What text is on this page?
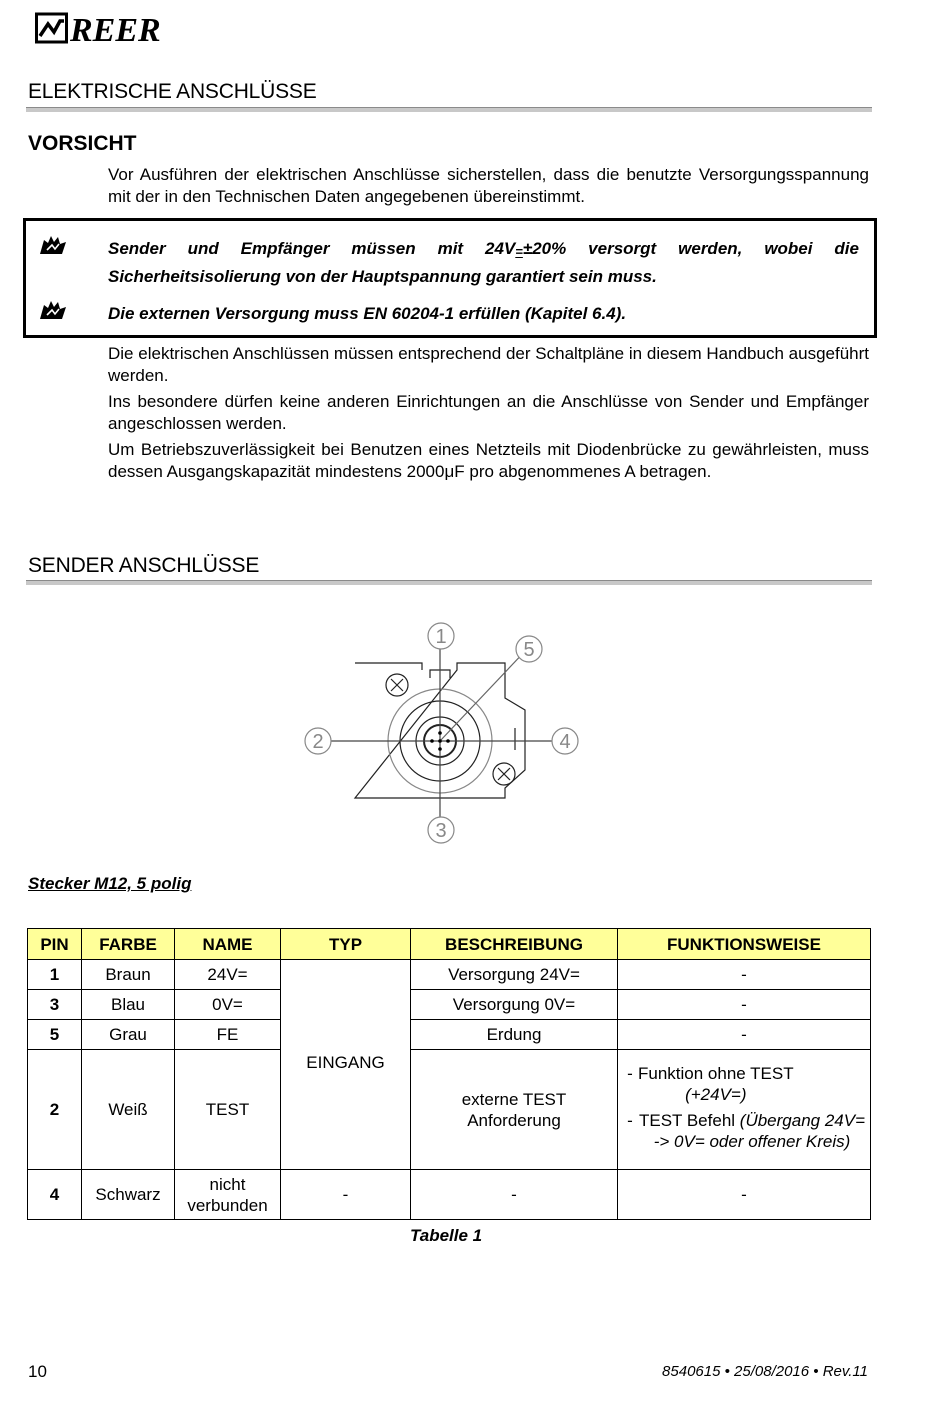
REER
ELEKTRISCHE ANSCHLÜSSE
VORSICHT
Vor Ausführen der elektrischen Anschlüsse sicherstellen, dass die benutzte Versorgungsspannung mit der in den Technischen Daten angegebenen übereinstimmt.
Sender und Empfänger müssen mit 24V=±20% versorgt werden, wobei die Sicherheitsisolierung von der Hauptspannung garantiert sein muss.
Die externen Versorgung muss EN 60204-1 erfüllen (Kapitel 6.4).
Die elektrischen Anschlüssen müssen entsprechend der Schaltpläne in diesem Handbuch ausgeführt werden.
Ins besondere dürfen keine anderen Einrichtungen an die Anschlüsse von Sender und Empfänger angeschlossen werden.
Um Betriebszuverlässigkeit bei Benutzen eines Netzteils mit Diodenbrücke zu gewährleisten, muss dessen Ausgangskapazität mindestens 2000μF pro abgenommenes A betragen.
SENDER ANSCHLÜSSE
1
2
3
4
5
Stecker M12, 5 polig
PIN	FARBE	NAME	TYP	BESCHREIBUNG	FUNKTIONSWEISE
1	Braun	24V=	EINGANG	Versorgung 24V=	-
3	Blau	0V=		Versorgung 0V=	-
5	Grau	FE		Erdung	-
2	Weiß	TEST		externe TEST Anforderung	- Funktion ohne TEST
(+24V=)
- TEST Befehl (Übergang 24V= -> 0V= oder offener Kreis)

4	Schwarz	nicht verbunden	-	-	-
Tabelle 1
10	8540615 • 25/08/2016 • Rev.11
